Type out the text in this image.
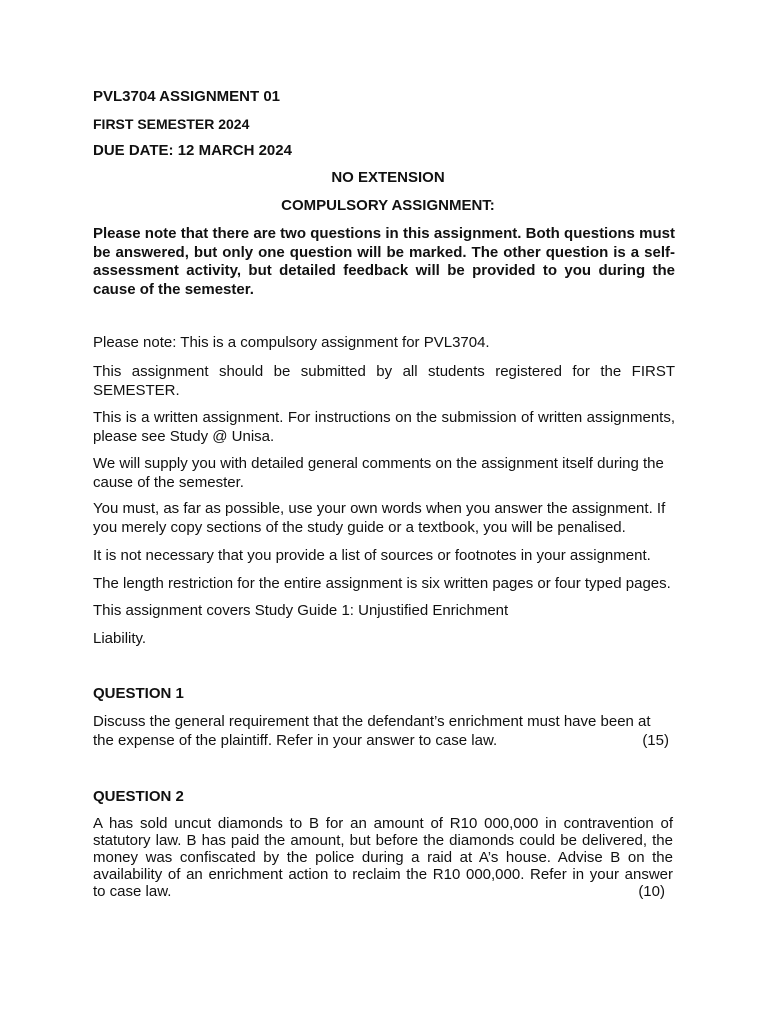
PVL3704 ASSIGNMENT 01
FIRST SEMESTER 2024
DUE DATE: 12 MARCH 2024
NO EXTENSION
COMPULSORY ASSIGNMENT:

Please note that there are two questions in this assignment. Both questions must be answered, but only one question will be marked. The other question is a self-assessment activity, but detailed feedback will be provided to you during the cause of the semester.

Please note: This is a compulsory assignment for PVL3704.

This assignment should be submitted by all students registered for the FIRST SEMESTER.

This is a written assignment. For instructions on the submission of written assignments, please see Study @ Unisa.

We will supply you with detailed general comments on the assignment itself during the cause of the semester.

You must, as far as possible, use your own words when you answer the assignment. If you merely copy sections of the study guide or a textbook, you will be penalised.

It is not necessary that you provide a list of sources or footnotes in your assignment.

The length restriction for the entire assignment is six written pages or four typed pages.

This assignment covers Study Guide 1: Unjustified Enrichment

Liability.

QUESTION 1
Discuss the general requirement that the defendant’s enrichment must have been at
the expense of the plaintiff. Refer in your answer to case law.	(15)
QUESTION 2
A has sold uncut diamonds to B for an amount of R10 000,000 in contravention of statutory law. B has paid the amount, but before the diamonds could be delivered, the money was confiscated by the police during a raid at A’s house. Advise B on the availability of an enrichment action to reclaim the R10 000,000. Refer in your answer
to case law.	(10)
